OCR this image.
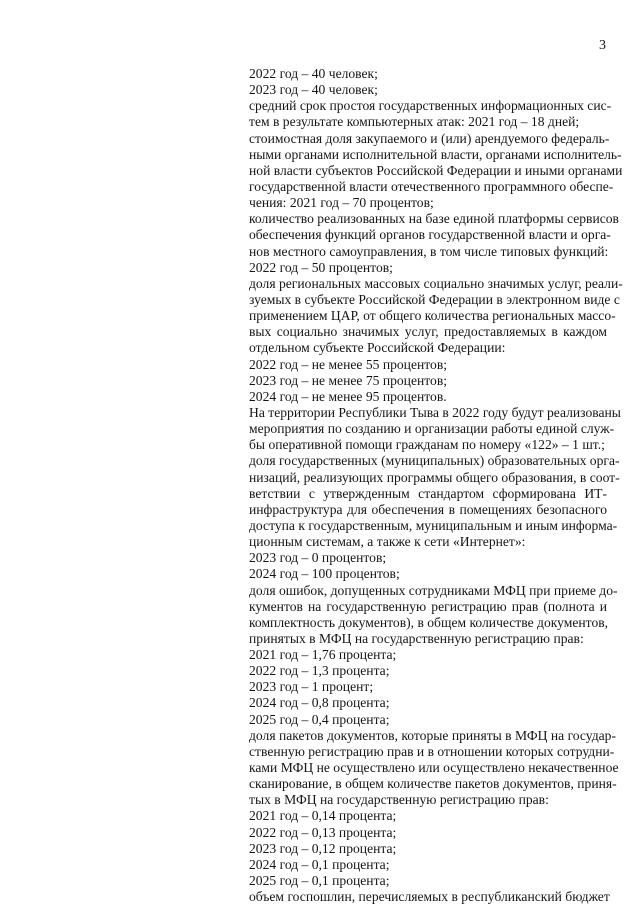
3
2022 год – 40 человек;
2023 год – 40 человек;
средний срок простоя государственных информационных сис-
тем в результате компьютерных атак: 2021 год – 18 дней;
стоимостная доля закупаемого и (или) арендуемого федераль-
ными органами исполнительной власти, органами исполнитель-
ной власти субъектов Российской Федерации и иными органами
государственной власти отечественного программного обеспе-
чения: 2021 год – 70 процентов;
количество реализованных на базе единой платформы сервисов
обеспечения функций органов государственной власти и орга-
нов местного самоуправления, в том числе типовых функций:
2022 год – 50 процентов;
доля региональных массовых социально значимых услуг, реали-
зуемых в субъекте Российской Федерации в электронном виде с
применением ЦАР, от общего количества региональных массо-
вых социально значимых услуг, предоставляемых в каждом
отдельном субъекте Российской Федерации:
2022 год – не менее 55 процентов;
2023 год – не менее 75 процентов;
2024 год – не менее 95 процентов.
На территории Республики Тыва в 2022 году будут реализованы
мероприятия по созданию и организации работы единой служ-
бы оперативной помощи гражданам по номеру «122» – 1 шт.;
доля государственных (муниципальных) образовательных орга-
низаций, реализующих программы общего образования, в соот-
ветствии с утвержденным стандартом сформирована ИТ-
инфраструктура для обеспечения в помещениях безопасного
доступа к государственным, муниципальным и иным информа-
ционным системам, а также к сети «Интернет»:
2023 год – 0 процентов;
2024 год – 100 процентов;
доля ошибок, допущенных сотрудниками МФЦ при приеме до-
кументов на государственную регистрацию прав (полнота и
комплектность документов), в общем количестве документов,
принятых в МФЦ на государственную регистрацию прав:
2021 год – 1,76 процента;
2022 год – 1,3 процента;
2023 год – 1 процент;
2024 год – 0,8 процента;
2025 год – 0,4 процента;
доля пакетов документов, которые приняты в МФЦ на государ-
ственную регистрацию прав и в отношении которых сотрудни-
ками МФЦ не осуществлено или осуществлено некачественное
сканирование, в общем количестве пакетов документов, приня-
тых в МФЦ на государственную регистрацию прав:
2021 год – 0,14 процента;
2022 год – 0,13 процента;
2023 год – 0,12 процента;
2024 год – 0,1 процента;
2025 год – 0,1 процента;
объем госпошлин, перечисляемых в республиканский бюджет
